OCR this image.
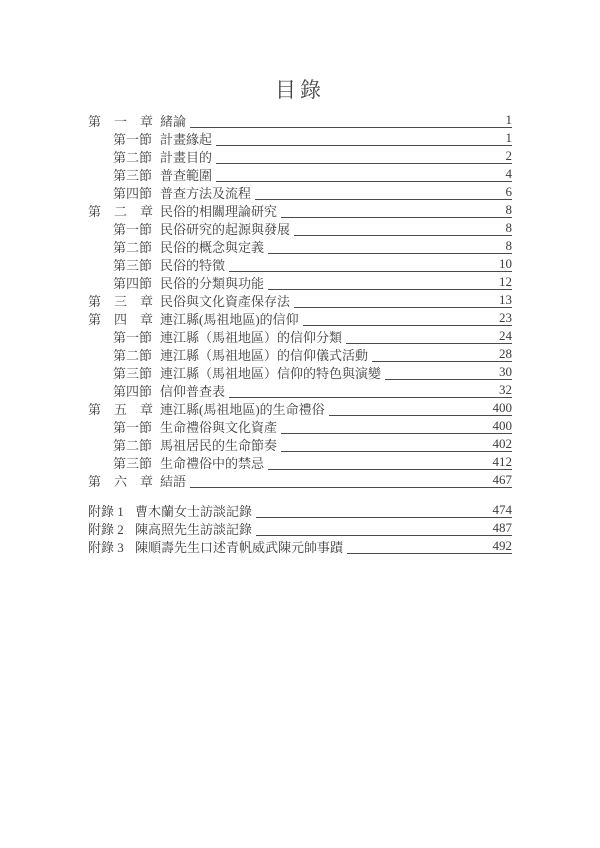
目錄
第　一　章 緒論	1
第一節 計畫緣起	1
第二節 計畫目的	2
第三節 普查範圍	4
第四節 普查方法及流程	6
第　二　章 民俗的相關理論研究	8
第一節 民俗研究的起源與發展	8
第二節 民俗的概念與定義	8
第三節 民俗的特徵	10
第四節 民俗的分類與功能	12
第　三　章 民俗與文化資產保存法	13
第　四　章 連江縣(馬祖地區)的信仰	23
第一節 連江縣（馬祖地區）的信仰分類	24
第二節 連江縣（馬祖地區）的信仰儀式活動	28
第三節 連江縣（馬祖地區）信仰的特色與演變	30
第四節 信仰普查表	32
第　五　章 連江縣(馬祖地區)的生命禮俗	400
第一節 生命禮俗與文化資產	400
第二節 馬祖居民的生命節奏	402
第三節 生命禮俗中的禁忌	412
第　六　章 結語	467
附錄 1 曹木蘭女士訪談記錄	474
附錄 2 陳高照先生訪談記錄	487
附錄 3 陳順壽先生口述青帆威武陳元帥事蹟	492
